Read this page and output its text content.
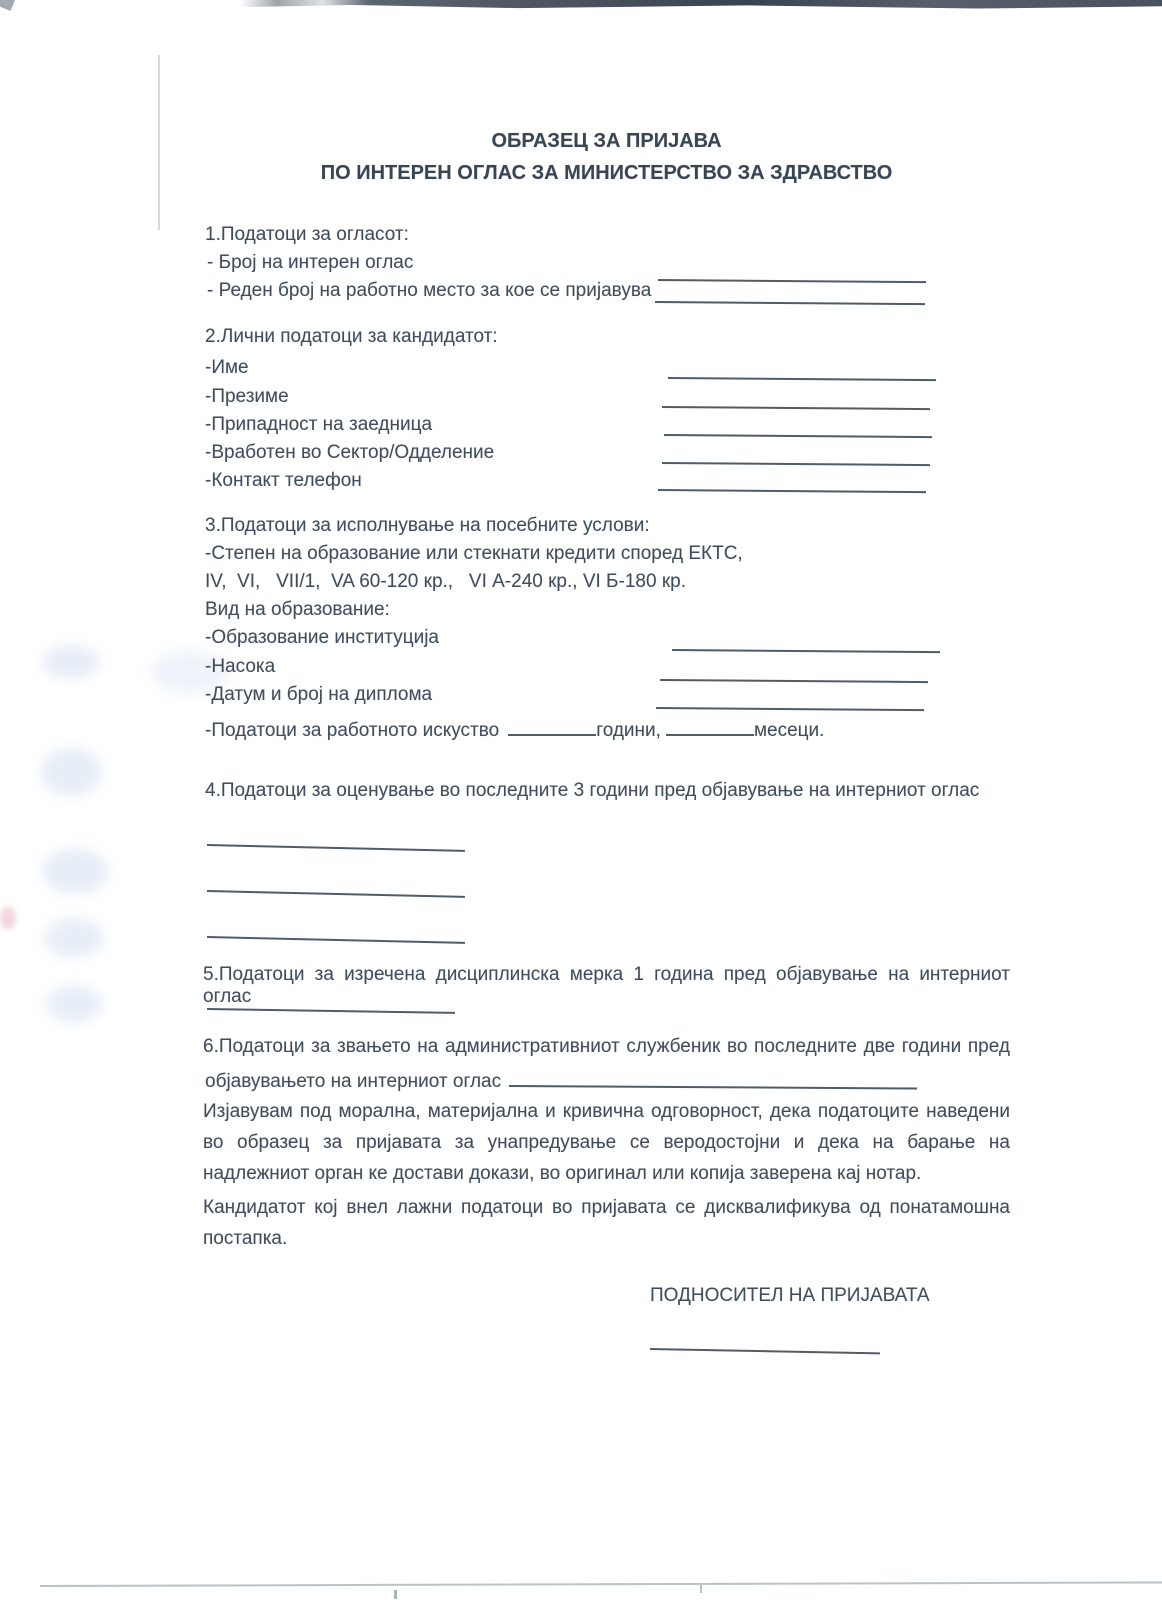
ОБРАЗЕЦ ЗА ПРИЈАВА
ПО ИНТЕРЕН ОГЛАС ЗА МИНИСТЕРСТВО ЗА ЗДРАВСТВО
1.Податоци за огласот:
- Број на интерен оглас
- Реден број на работно место за кое се пријавува
2.Лични податоци за кандидатот:
-Име
-Презиме
-Припадност на заедница
-Вработен во Сектор/Одделение
-Контакт телефон
3.Податоци за исполнување на посебните услови:
-Степен на образование или стекнати кредити според ЕКТС,
IV,  VI,   VII/1,  VA 60-120 кр.,   VI А-240 кр., VI Б-180 кр.
Вид на образование:
-Образование институција
-Насока
-Датум и број на диплома
-Податоци за работното искуство	години,	месеци.
4.Податоци за оценување во последните 3 години пред објавување на интерниот оглас
5.Податоци за изречена дисциплинска мерка 1 година пред објавување на интерниот оглас
6.Податоци за звањето на административниот службеник во последните две години пред
објавувањето на интерниот оглас
Изјавувам под морална, материјална и кривична одговорност, дека податоците наведени во образец за пријавата за унапредување се веродостојни и дека на барање на надлежниот орган ке достави докази, во оригинал или копија заверена кај нотар.
Кандидатот кој внел лажни податоци во пријавата се дисквалификува од понатамошна постапка.
ПОДНОСИТЕЛ НА ПРИЈАВАТА
